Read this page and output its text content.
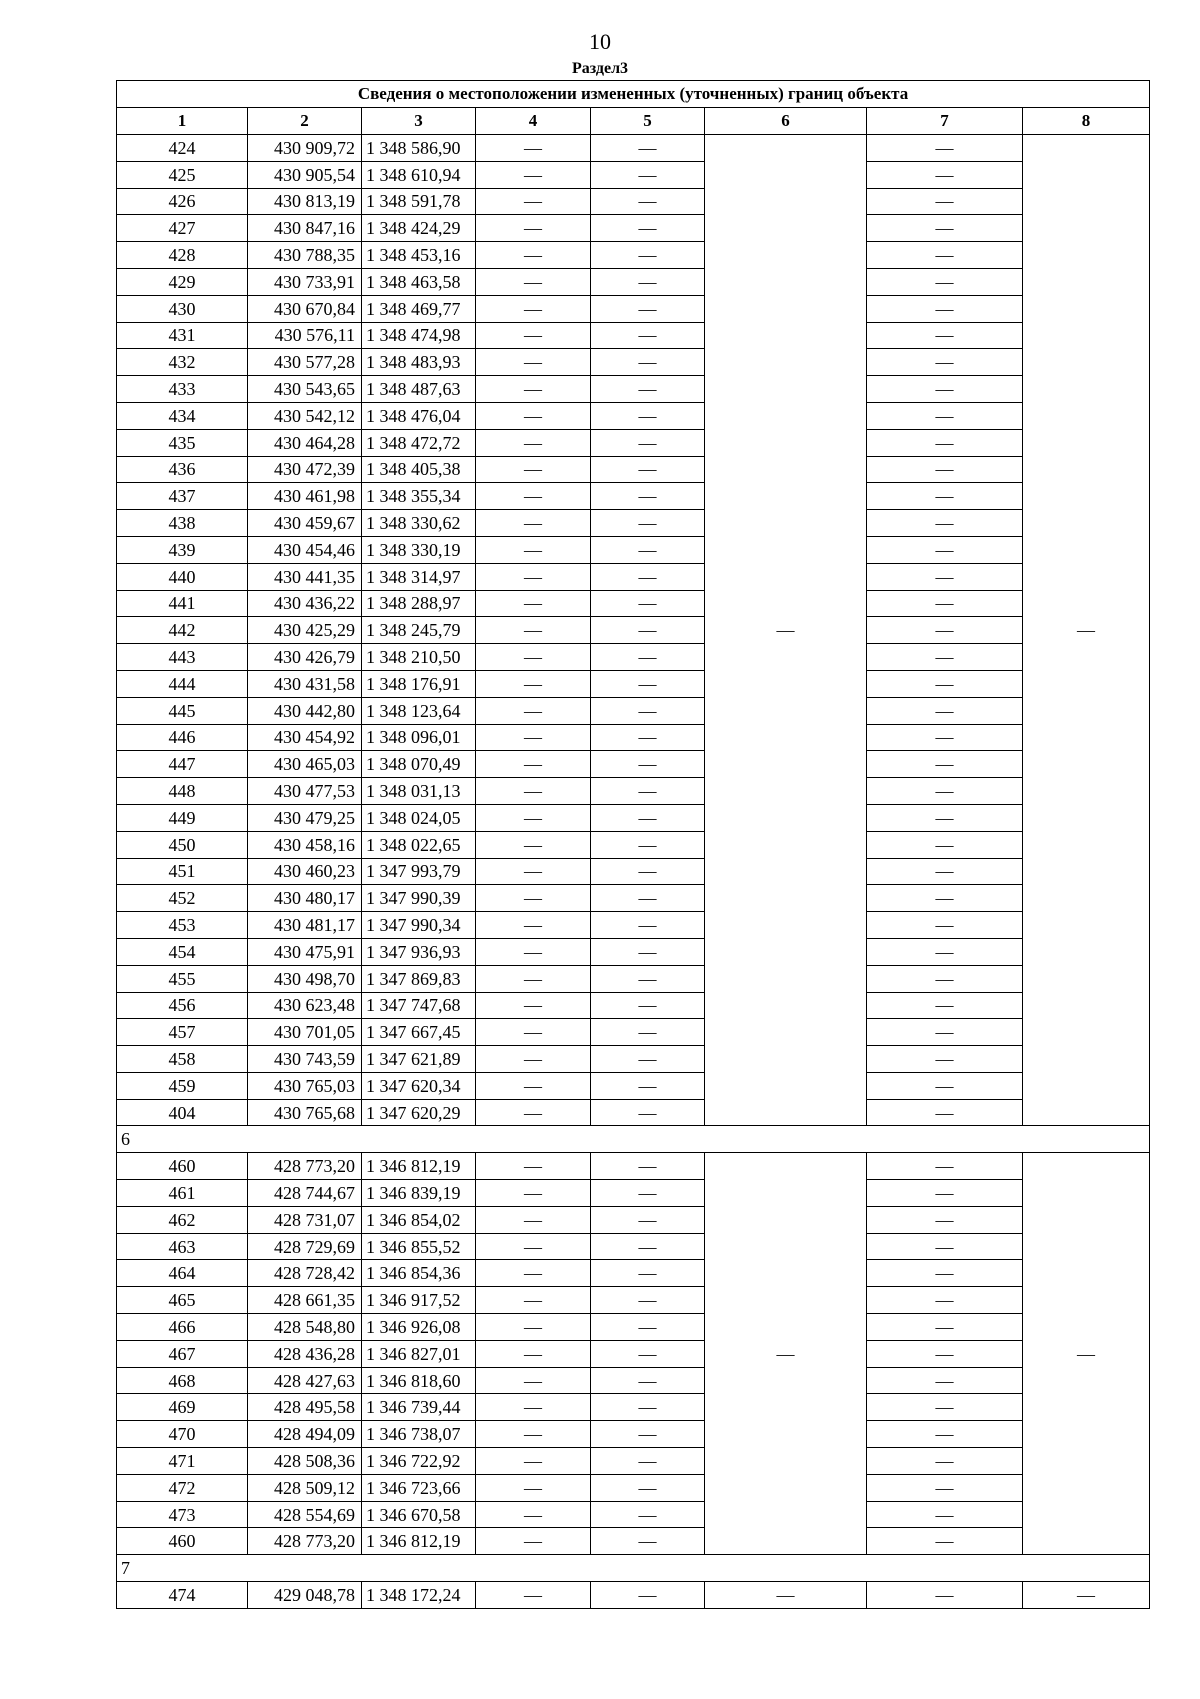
10
Раздел3
Сведения о местоположении измененных (уточненных) границ объекта							
1	2	3	4	5	6	7	8
424	430 909,72	1 348 586,90	—	—	—	—	—
425	430 905,54	1 348 610,94	—	—		—	
426	430 813,19	1 348 591,78	—	—		—	
427	430 847,16	1 348 424,29	—	—		—	
428	430 788,35	1 348 453,16	—	—		—	
429	430 733,91	1 348 463,58	—	—		—	
430	430 670,84	1 348 469,77	—	—		—	
431	430 576,11	1 348 474,98	—	—		—	
432	430 577,28	1 348 483,93	—	—		—	
433	430 543,65	1 348 487,63	—	—		—	
434	430 542,12	1 348 476,04	—	—		—	
435	430 464,28	1 348 472,72	—	—		—	
436	430 472,39	1 348 405,38	—	—		—	
437	430 461,98	1 348 355,34	—	—		—	
438	430 459,67	1 348 330,62	—	—		—	
439	430 454,46	1 348 330,19	—	—		—	
440	430 441,35	1 348 314,97	—	—		—	
441	430 436,22	1 348 288,97	—	—		—	
442	430 425,29	1 348 245,79	—	—		—	
443	430 426,79	1 348 210,50	—	—		—	
444	430 431,58	1 348 176,91	—	—		—	
445	430 442,80	1 348 123,64	—	—		—	
446	430 454,92	1 348 096,01	—	—		—	
447	430 465,03	1 348 070,49	—	—		—	
448	430 477,53	1 348 031,13	—	—		—	
449	430 479,25	1 348 024,05	—	—		—	
450	430 458,16	1 348 022,65	—	—		—	
451	430 460,23	1 347 993,79	—	—		—	
452	430 480,17	1 347 990,39	—	—		—	
453	430 481,17	1 347 990,34	—	—		—	
454	430 475,91	1 347 936,93	—	—		—	
455	430 498,70	1 347 869,83	—	—		—	
456	430 623,48	1 347 747,68	—	—		—	
457	430 701,05	1 347 667,45	—	—		—	
458	430 743,59	1 347 621,89	—	—		—	
459	430 765,03	1 347 620,34	—	—		—	
404	430 765,68	1 347 620,29	—	—		—	
6							
460	428 773,20	1 346 812,19	—	—	—	—	—
461	428 744,67	1 346 839,19	—	—		—	
462	428 731,07	1 346 854,02	—	—		—	
463	428 729,69	1 346 855,52	—	—		—	
464	428 728,42	1 346 854,36	—	—		—	
465	428 661,35	1 346 917,52	—	—		—	
466	428 548,80	1 346 926,08	—	—		—	
467	428 436,28	1 346 827,01	—	—		—	
468	428 427,63	1 346 818,60	—	—		—	
469	428 495,58	1 346 739,44	—	—		—	
470	428 494,09	1 346 738,07	—	—		—	
471	428 508,36	1 346 722,92	—	—		—	
472	428 509,12	1 346 723,66	—	—		—	
473	428 554,69	1 346 670,58	—	—		—	
460	428 773,20	1 346 812,19	—	—		—	
7							
474	429 048,78	1 348 172,24	—	—	—	—	—
